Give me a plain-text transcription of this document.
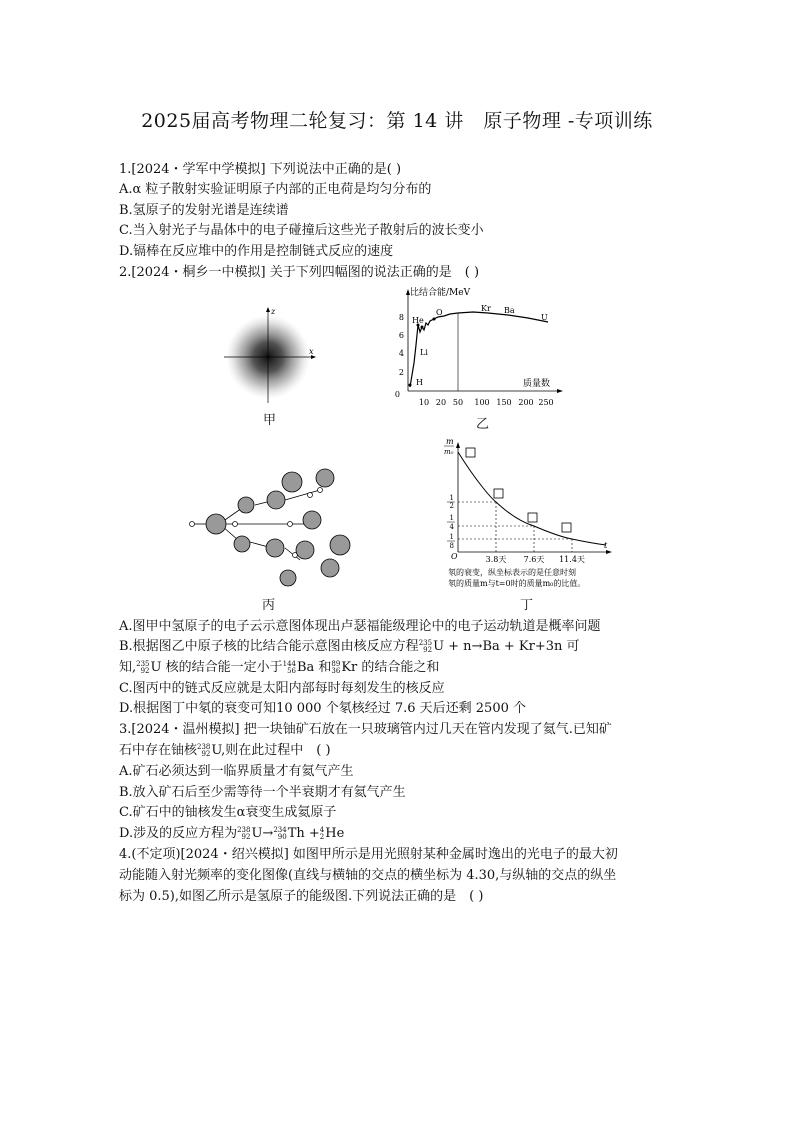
2025届高考物理二轮复习：第 14 讲　原子物理 -专项训练
1.[2024・学军中学模拟] 下列说法中正确的是( )
A.α 粒子散射实验证明原子内部的正电荷是均匀分布的
B.氢原子的发射光谱是连续谱
C.当入射光子与晶体中的电子碰撞后这些光子散射后的波长变小
D.镉棒在反应堆中的作用是控制链式反应的速度
2.[2024・桐乡一中模拟] 关于下列四幅图的说法正确的是　( )
z
x
甲
比结合能/MeV
质量数
8
6
4
2
0
10 20 50 100 150 200 250
He
O	Kr Ba
U
Li
H
乙
丙
m
m₀
O
t
1
2
1
4
1
8
3.8天 7.6天 11.4天
氡的衰变，纵坐标表示的是任意时刻
氡的质量m与t=0时的质量m₀的比值。
丁
A.图甲中氢原子的电子云示意图体现出卢瑟福能级理论中的电子运动轨道是概率问题
B.根据图乙中原子核的比结合能示意图由核反应方程 235
92 U + n→Ba + Kr+3n 可
知, 235
92 U 核的结合能一定小于 144
56 Ba 和 89
36 Kr 的结合能之和
C.图丙中的链式反应就是太阳内部每时每刻发生的核反应
D.根据图丁中氡的衰变可知10 000 个氡核经过 7.6 天后还剩 2500 个
3.[2024・温州模拟] 把一块铀矿石放在一只玻璃管内过几天在管内发现了氦气.已知矿
石中存在铀核 238
92 U,则在此过程中　( )
A.矿石必须达到一临界质量才有氦气产生
B.放入矿石后至少需等待一个半衰期才有氦气产生
C.矿石中的铀核发生α衰变生成氦原子
D.涉及的反应方程为 238
92 U→ 234
90 Th + 4
2 He
4.(不定项)[2024・绍兴模拟] 如图甲所示是用光照射某种金属时逸出的光电子的最大初
动能随入射光频率的变化图像(直线与横轴的交点的横坐标为 4.30,与纵轴的交点的纵坐
标为 0.5),如图乙所示是氢原子的能级图.下列说法正确的是　( )
